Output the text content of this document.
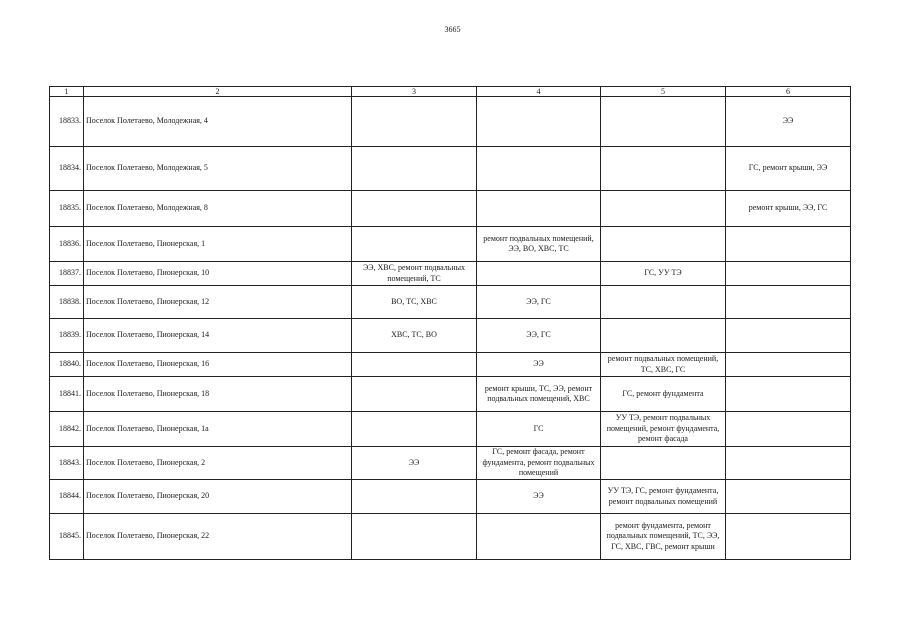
3665
1	2	3	4	5	6
18833.	Поселок Полетаево, Молодежная, 4				ЭЭ
18834.	Поселок Полетаево, Молодежная, 5				ГС, ремонт крыши, ЭЭ
18835.	Поселок Полетаево, Молодежная, 8				ремонт крыши, ЭЭ, ГС
18836.	Поселок Полетаево, Пионерская, 1		ремонт подвальных помещений, ЭЭ, ВО, ХВС, ТС		
18837.	Поселок Полетаево, Пионерская, 10	ЭЭ, ХВС, ремонт подвальных помещений, ТС		ГС, УУ ТЭ	
18838.	Поселок Полетаево, Пионерская, 12	ВО, ТС, ХВС	ЭЭ, ГС		
18839.	Поселок Полетаево, Пионерская, 14	ХВС, ТС, ВО	ЭЭ, ГС		
18840.	Поселок Полетаево, Пионерская, 16		ЭЭ	ремонт подвальных помещений, ТС, ХВС, ГС	
18841.	Поселок Полетаево, Пионерская, 18		ремонт крыши, ТС, ЭЭ, ремонт подвальных помещений, ХВС	ГС, ремонт фундамента	
18842.	Поселок Полетаево, Пионерская, 1а		ГС	УУ ТЭ, ремонт подвальных помещений, ремонт фундамента, ремонт фасада	
18843.	Поселок Полетаево, Пионерская, 2	ЭЭ	ГС, ремонт фасада, ремонт фундамента, ремонт подвальных помещений		
18844.	Поселок Полетаево, Пионерская, 20		ЭЭ	УУ ТЭ, ГС, ремонт фундамента, ремонт подвальных помещений	
18845.	Поселок Полетаево, Пионерская, 22			ремонт фундамента, ремонт подвальных помещений, ТС, ЭЭ, ГС, ХВС, ГВС, ремонт крыши	
